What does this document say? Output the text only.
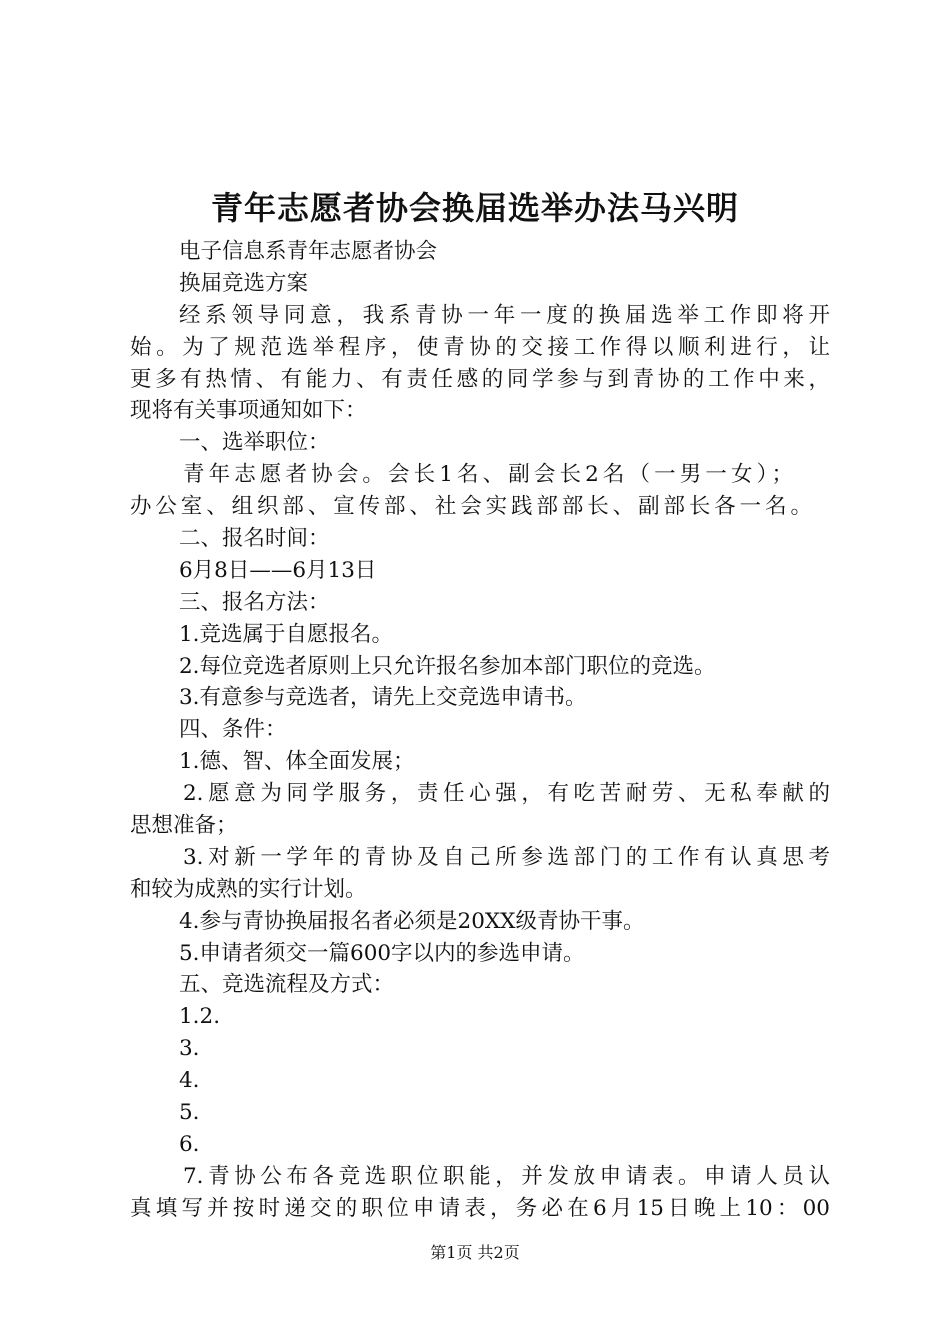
青年志愿者协会换届选举办法马兴明
电子信息系青年志愿者协会
换届竞选方案
经系领导同意，我系青协一年一度的换届选举工作即将开
始。为了规范选举程序，使青协的交接工作得以顺利进行，让
更多有热情、有能力、有责任感的同学参与到青协的工作中来，
现将有关事项通知如下：
一、选举职位：
青年志愿者协会。会长1名、副会长2名（一男一女）；
办公室、组织部、宣传部、社会实践部部长、副部长各一名。
二、报名时间：
6月8日——6月13日
三、报名方法：
1.竞选属于自愿报名。
2.每位竞选者原则上只允许报名参加本部门职位的竞选。
3.有意参与竞选者，请先上交竞选申请书。
四、条件：
1.德、智、体全面发展；
2.愿意为同学服务，责任心强，有吃苦耐劳、无私奉献的
思想准备；
3.对新一学年的青协及自己所参选部门的工作有认真思考
和较为成熟的实行计划。
4.参与青协换届报名者必须是20XX级青协干事。
5.申请者须交一篇600字以内的参选申请。
五、竞选流程及方式：
1.2.
3.
4.
5.
6.
7.青协公布各竞选职位职能，并发放申请表。申请人员认
真填写并按时递交的职位申请表，务必在6月15日晚上10：00
第1页 共2页
